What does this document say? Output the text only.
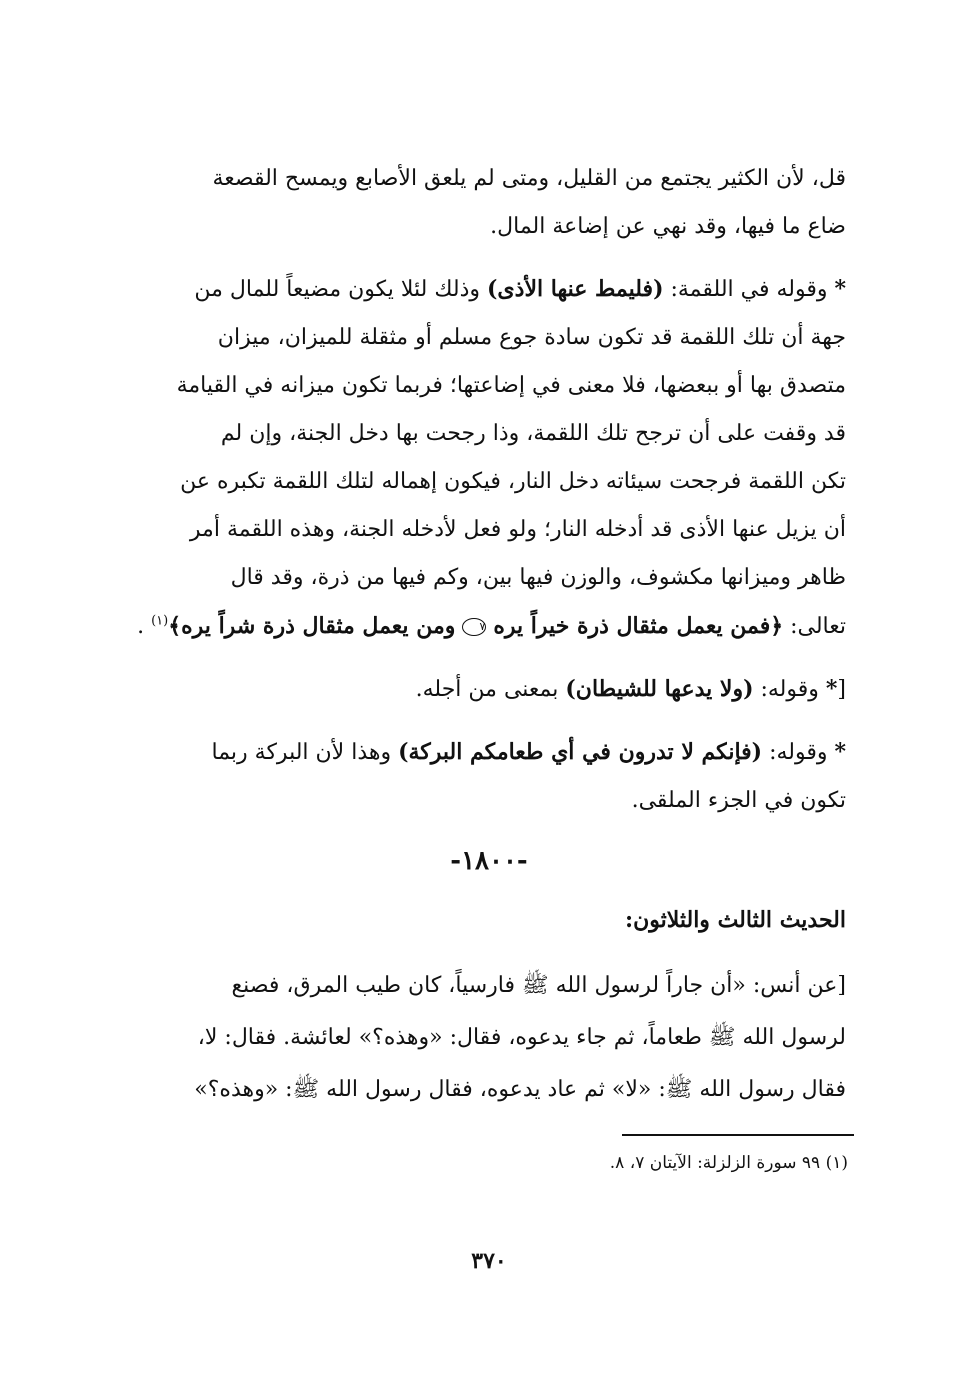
قل، لأن الكثير يجتمع من القليل، ومتى لم يلعق الأصابع ويمسح القصعة
ضاع ما فيها، وقد نهي عن إضاعة المال.
* وقوله في اللقمة: (فليمط عنها الأذى) وذلك لئلا يكون مضيعاً للمال من
جهة أن تلك اللقمة قد تكون سادة جوع مسلم أو مثقلة للميزان، ميزان
متصدق بها أو ببعضها، فلا معنى في إضاعتها؛ فربما تكون ميزانه في القيامة
قد وقفت على أن ترجح تلك اللقمة، وذا رجحت بها دخل الجنة، وإن لم
تكن اللقمة فرجحت سيئاته دخل النار، فيكون إهماله لتلك اللقمة تكبره عن
أن يزيل عنها الأذى قد أدخله النار؛ ولو فعل لأدخله الجنة، وهذه اللقمة أمر
ظاهر وميزانها مكشوف، والوزن فيها بين، وكم فيها من ذرة، وقد قال
تعالى: ﴿فمن يعمل مثقال ذرة خيراً يره ٧ ومن يعمل مثقال ذرة شراً يره﴾$^{(١)}$ .
[* وقوله: (ولا يدعها للشيطان) بمعنى من أجله.
* وقوله: (فإنكم لا تدرون في أي طعامكم البركة) وهذا لأن البركة ربما
تكون في الجزء الملقى.
-١٨٠٠-
الحديث الثالث والثلاثون:
[عن أنس: «أن جاراً لرسول الله ﷺ فارسياً، كان طيب المرق، فصنع
لرسول الله ﷺ طعاماً، ثم جاء يدعوه، فقال: «وهذه؟» لعائشة. فقال: لا،
فقال رسول الله ﷺ: «لا» ثم عاد يدعوه، فقال رسول الله ﷺ: «وهذه؟»
(١) ٩٩ سورة الزلزلة: الآيتان ٧، ٨.
٣٧٠
